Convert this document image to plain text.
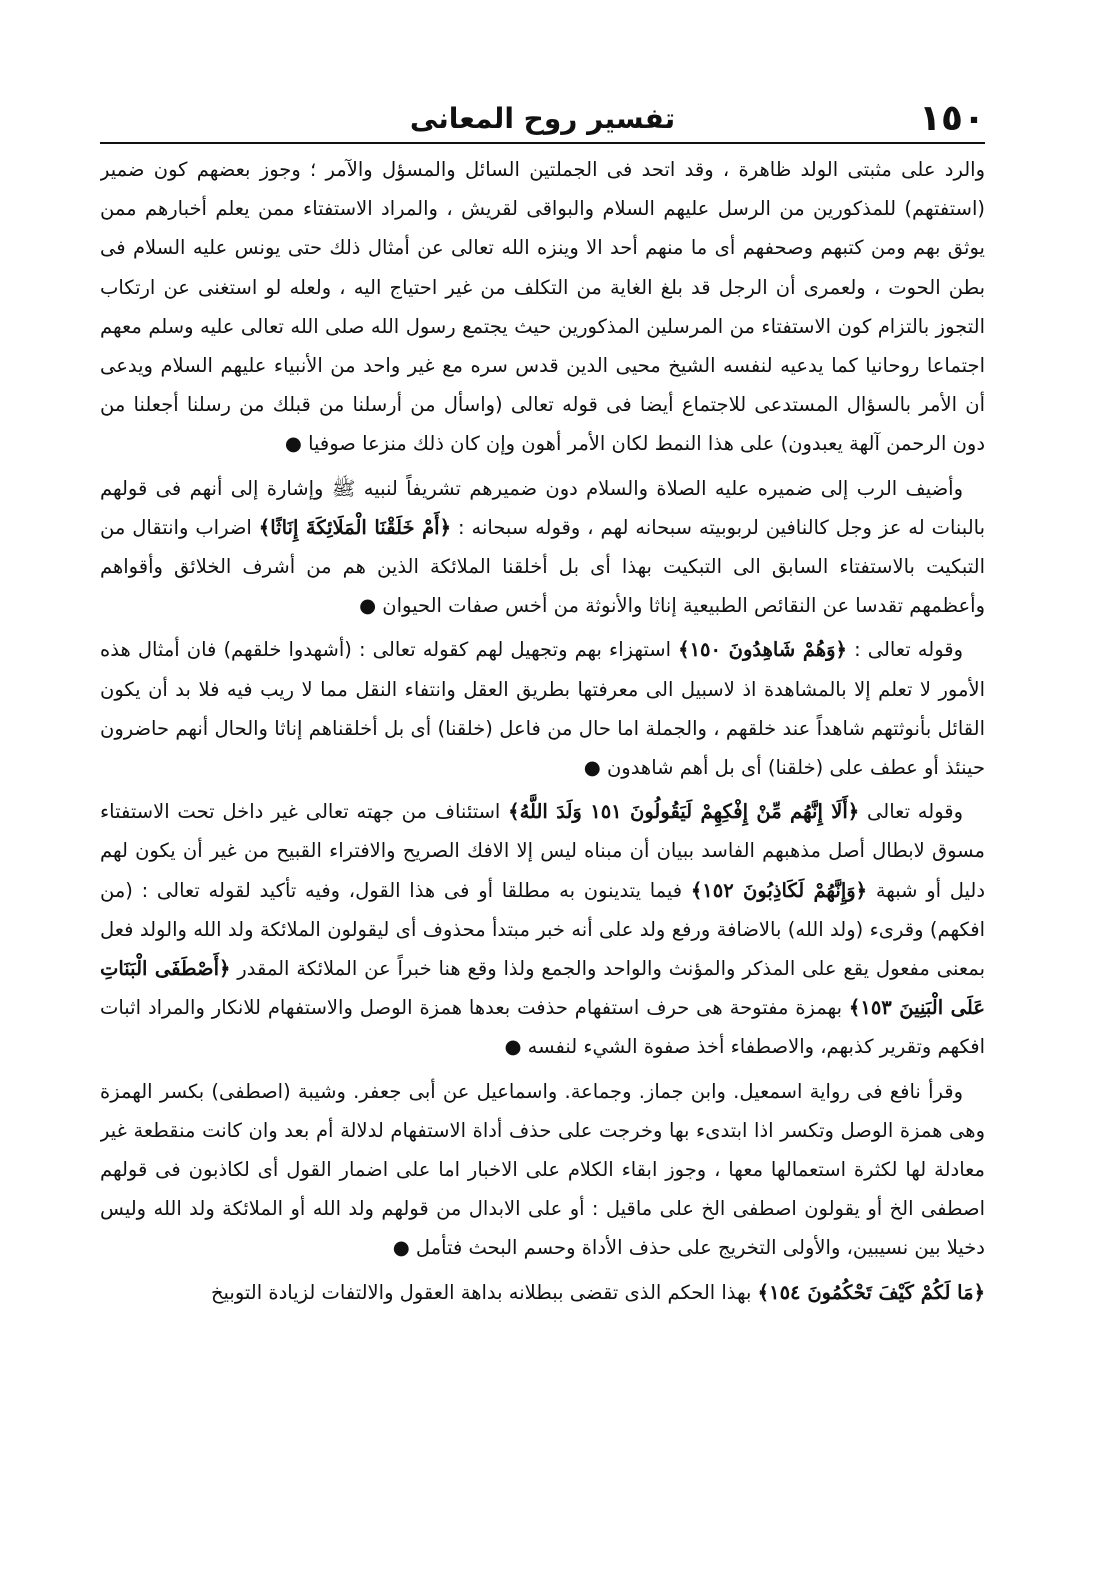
١٥٠
تفسير روح المعانى

والرد على مثبتى الولد ظاهرة ، وقد اتحد فى الجملتين السائل والمسؤل والآمر ؛ وجوز بعضهم كون ضمير (استفتهم) للمذكورين من الرسل عليهم السلام والبواقى لقريش ، والمراد الاستفتاء ممن يعلم أخبارهم ممن يوثق بهم ومن كتبهم وصحفهم أى ما منهم أحد الا وينزه الله تعالى عن أمثال ذلك حتى يونس عليه السلام فى بطن الحوت ، ولعمرى أن الرجل قد بلغ الغاية من التكلف من غير احتياج اليه ، ولعله لو استغنى عن ارتكاب التجوز بالتزام كون الاستفتاء من المرسلين المذكورين حيث يجتمع رسول الله صلى الله تعالى عليه وسلم معهم اجتماعا روحانيا كما يدعيه لنفسه الشيخ محيى الدين قدس سره مع غير واحد من الأنبياء عليهم السلام ويدعى أن الأمر بالسؤال المستدعى للاجتماع أيضا فى قوله تعالى (واسأل من أرسلنا من قبلك من رسلنا أجعلنا من دون الرحمن آلهة يعبدون) على هذا النمط لكان الأمر أهون وإن كان ذلك منزعا صوفيا ●

وأضيف الرب إلى ضميره عليه الصلاة والسلام دون ضميرهم تشريفاً لنبيه ﷺ وإشارة إلى أنهم فى قولهم بالبنات له عز وجل كالنافين لربوبيته سبحانه لهم ، وقوله سبحانه : ﴿أَمْ خَلَقْنَا الْمَلَائِكَةَ إِنَاثًا﴾ اضراب وانتقال من التبكيت بالاستفتاء السابق الى التبكيت بهذا أى بل أخلقنا الملائكة الذين هم من أشرف الخلائق وأقواهم وأعظمهم تقدسا عن النقائص الطبيعية إناثا والأنوثة من أخس صفات الحيوان ●

وقوله تعالى : ﴿وَهُمْ شَاهِدُونَ ١٥٠﴾ استهزاء بهم وتجهيل لهم كقوله تعالى : (أشهدوا خلقهم) فان أمثال هذه الأمور لا تعلم إلا بالمشاهدة اذ لاسبيل الى معرفتها بطريق العقل وانتفاء النقل مما لا ريب فيه فلا بد أن يكون القائل بأنوثتهم شاهداً عند خلقهم ، والجملة اما حال من فاعل (خلقنا) أى بل أخلقناهم إناثا والحال أنهم حاضرون حينئذ أو عطف على (خلقنا) أى بل أهم شاهدون ●

وقوله تعالى ﴿أَلَا إِنَّهُم مِّنْ إِفْكِهِمْ لَيَقُولُونَ ١٥١ وَلَدَ اللَّهُ﴾ استئناف من جهته تعالى غير داخل تحت الاستفتاء مسوق لابطال أصل مذهبهم الفاسد ببيان أن مبناه ليس إلا الافك الصريح والافتراء القبيح من غير أن يكون لهم دليل أو شبهة ﴿وَإِنَّهُمْ لَكَاذِبُونَ ١٥٢﴾ فيما يتدينون به مطلقا أو فى هذا القول، وفيه تأكيد لقوله تعالى : (من افكهم) وقرىء (ولد الله) بالاضافة ورفع ولد على أنه خبر مبتدأ محذوف أى ليقولون الملائكة ولد الله والولد فعل بمعنى مفعول يقع على المذكر والمؤنث والواحد والجمع ولذا وقع هنا خبراً عن الملائكة المقدر ﴿أَصْطَفَى الْبَنَاتِ عَلَى الْبَنِينَ ١٥٣﴾ بهمزة مفتوحة هى حرف استفهام حذفت بعدها همزة الوصل والاستفهام للانكار والمراد اثبات افكهم وتقرير كذبهم، والاصطفاء أخذ صفوة الشيء لنفسه ●

وقرأ نافع فى رواية اسمعيل. وابن جماز. وجماعة. واسماعيل عن أبى جعفر. وشيبة (اصطفى) بكسر الهمزة وهى همزة الوصل وتكسر اذا ابتدىء بها وخرجت على حذف أداة الاستفهام لدلالة أم بعد وان كانت منقطعة غير معادلة لها لكثرة استعمالها معها ، وجوز ابقاء الكلام على الاخبار اما على اضمار القول أى لكاذبون فى قولهم اصطفى الخ أو يقولون اصطفى الخ على ماقيل : أو على الابدال من قولهم ولد الله أو الملائكة ولد الله وليس دخيلا بين نسيبين، والأولى التخريج على حذف الأداة وحسم البحث فتأمل ●

﴿مَا لَكُمْ كَيْفَ تَحْكُمُونَ ١٥٤﴾ بهذا الحكم الذى تقضى ببطلانه بداهة العقول والالتفات لزيادة التوبيخ
